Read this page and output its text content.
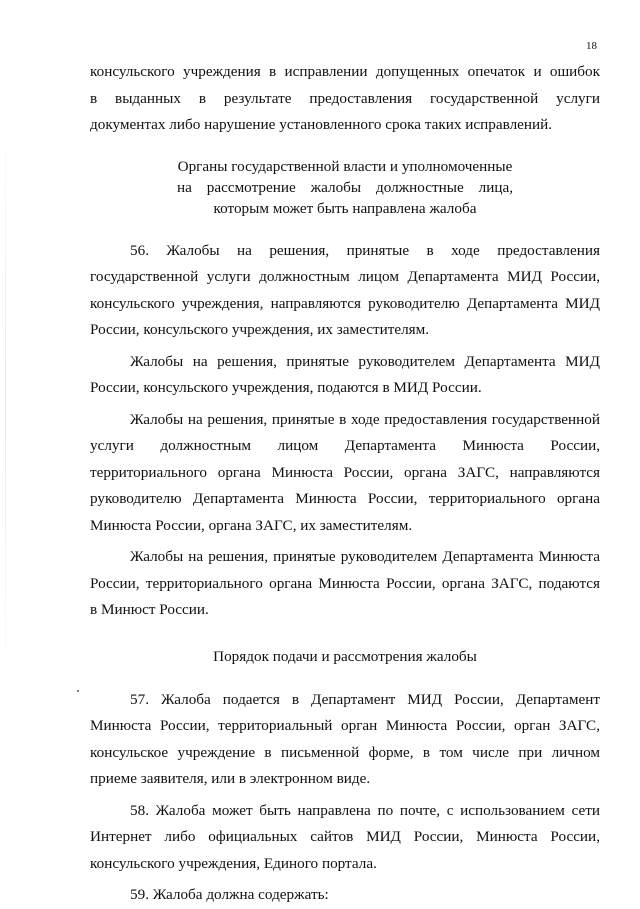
18

консульского учреждения в исправлении допущенных опечаток и ошибок

в выданных в результате предоставления государственной услуги

документах либо нарушение установленного срока таких исправлений.

Органы государственной власти и уполномоченные
на рассмотрение жалобы должностные лица,
которым может быть направлена жалоба

56. Жалобы на решения, принятые в ходе предоставления

государственной услуги должностным лицом Департамента МИД России,

консульского учреждения, направляются руководителю Департамента МИД

России, консульского учреждения, их заместителям.

Жалобы на решения, принятые руководителем Департамента МИД

России, консульского учреждения, подаются в МИД России.

Жалобы на решения, принятые в ходе предоставления государственной

услуги должностным лицом Департамента Минюста России,

территориального органа Минюста России, органа ЗАГС, направляются

руководителю Департамента Минюста России, территориального органа

Минюста России, органа ЗАГС, их заместителям.

Жалобы на решения, принятые руководителем Департамента Минюста

России, территориального органа Минюста России, органа ЗАГС, подаются

в Минюст России.

Порядок подачи и рассмотрения жалобы

57. Жалоба подается в Департамент МИД России, Департамент

Минюста России, территориальный орган Минюста России, орган ЗАГС,

консульское учреждение в письменной форме, в том числе при личном

приеме заявителя, или в электронном виде.

58. Жалоба может быть направлена по почте, с использованием сети

Интернет либо официальных сайтов МИД России, Минюста России,

консульского учреждения, Единого портала.

59. Жалоба должна содержать:
